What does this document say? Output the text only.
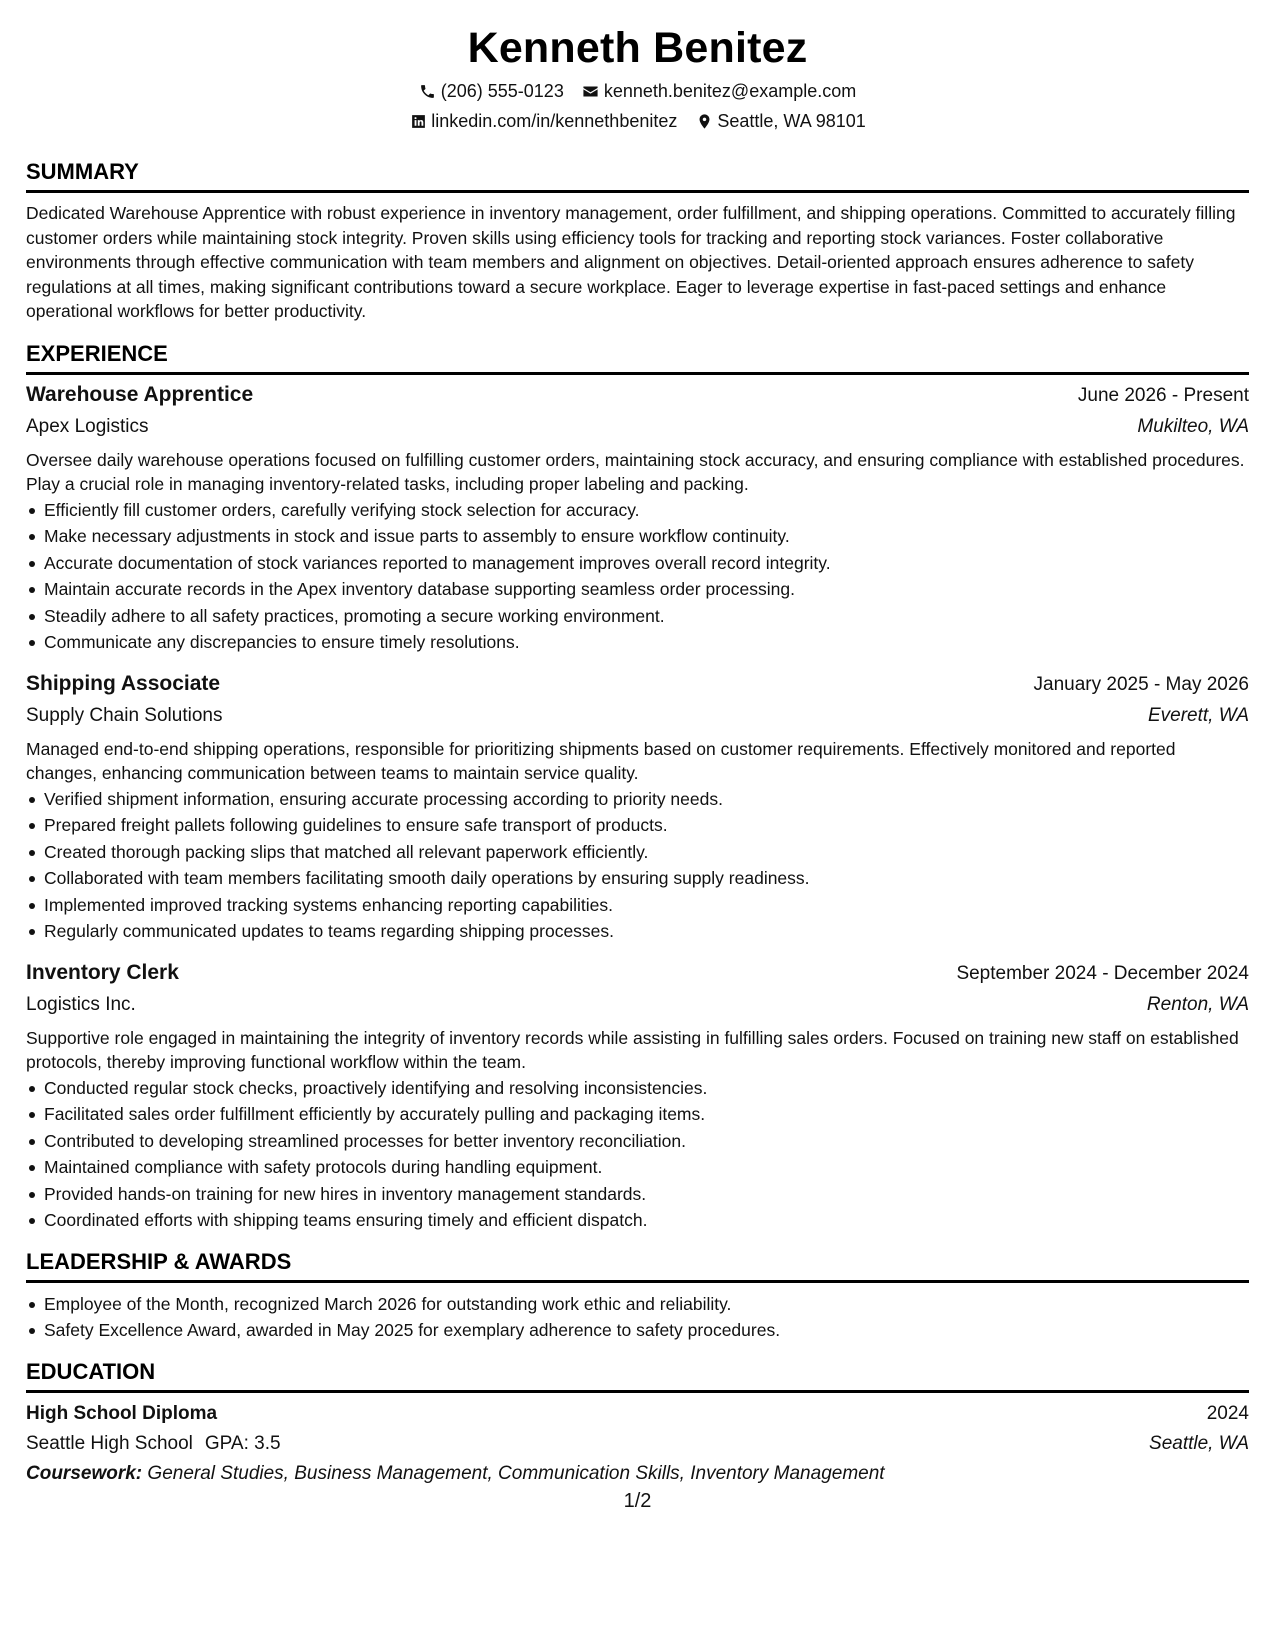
Kenneth Benitez
(206) 555-0123 kenneth.benitez@example.com
linkedin.com/in/kennethbenitez Seattle, WA 98101
SUMMARY

Dedicated Warehouse Apprentice with robust experience in inventory management, order fulfillment, and shipping operations. Committed to accurately filling customer orders while maintaining stock integrity. Proven skills using efficiency tools for tracking and reporting stock variances. Foster collaborative environments through effective communication with team members and alignment on objectives. Detail-oriented approach ensures adherence to safety regulations at all times, making significant contributions toward a secure workplace. Eager to leverage expertise in fast-paced settings and enhance operational workflows for better productivity.

EXPERIENCE
Warehouse Apprentice	June 2026 - Present
Apex Logistics	Mukilteo, WA

Oversee daily warehouse operations focused on fulfilling customer orders, maintaining stock accuracy, and ensuring compliance with established procedures. Play a crucial role in managing inventory-related tasks, including proper labeling and packing.

Efficiently fill customer orders, carefully verifying stock selection for accuracy.
Make necessary adjustments in stock and issue parts to assembly to ensure workflow continuity.
Accurate documentation of stock variances reported to management improves overall record integrity.
Maintain accurate records in the Apex inventory database supporting seamless order processing.
Steadily adhere to all safety practices, promoting a secure working environment.
Communicate any discrepancies to ensure timely resolutions.
Shipping Associate	January 2025 - May 2026
Supply Chain Solutions	Everett, WA

Managed end-to-end shipping operations, responsible for prioritizing shipments based on customer requirements. Effectively monitored and reported changes, enhancing communication between teams to maintain service quality.

Verified shipment information, ensuring accurate processing according to priority needs.
Prepared freight pallets following guidelines to ensure safe transport of products.
Created thorough packing slips that matched all relevant paperwork efficiently.
Collaborated with team members facilitating smooth daily operations by ensuring supply readiness.
Implemented improved tracking systems enhancing reporting capabilities.
Regularly communicated updates to teams regarding shipping processes.
Inventory Clerk	September 2024 - December 2024
Logistics Inc.	Renton, WA

Supportive role engaged in maintaining the integrity of inventory records while assisting in fulfilling sales orders. Focused on training new staff on established protocols, thereby improving functional workflow within the team.

Conducted regular stock checks, proactively identifying and resolving inconsistencies.
Facilitated sales order fulfillment efficiently by accurately pulling and packaging items.
Contributed to developing streamlined processes for better inventory reconciliation.
Maintained compliance with safety protocols during handling equipment.
Provided hands-on training for new hires in inventory management standards.
Coordinated efforts with shipping teams ensuring timely and efficient dispatch.
LEADERSHIP & AWARDS
Employee of the Month, recognized March 2026 for outstanding work ethic and reliability.
Safety Excellence Award, awarded in May 2025 for exemplary adherence to safety procedures.
EDUCATION
High School Diploma	2024
Seattle High School GPA: 3.5	Seattle, WA
Coursework: General Studies, Business Management, Communication Skills, Inventory Management
1/2
